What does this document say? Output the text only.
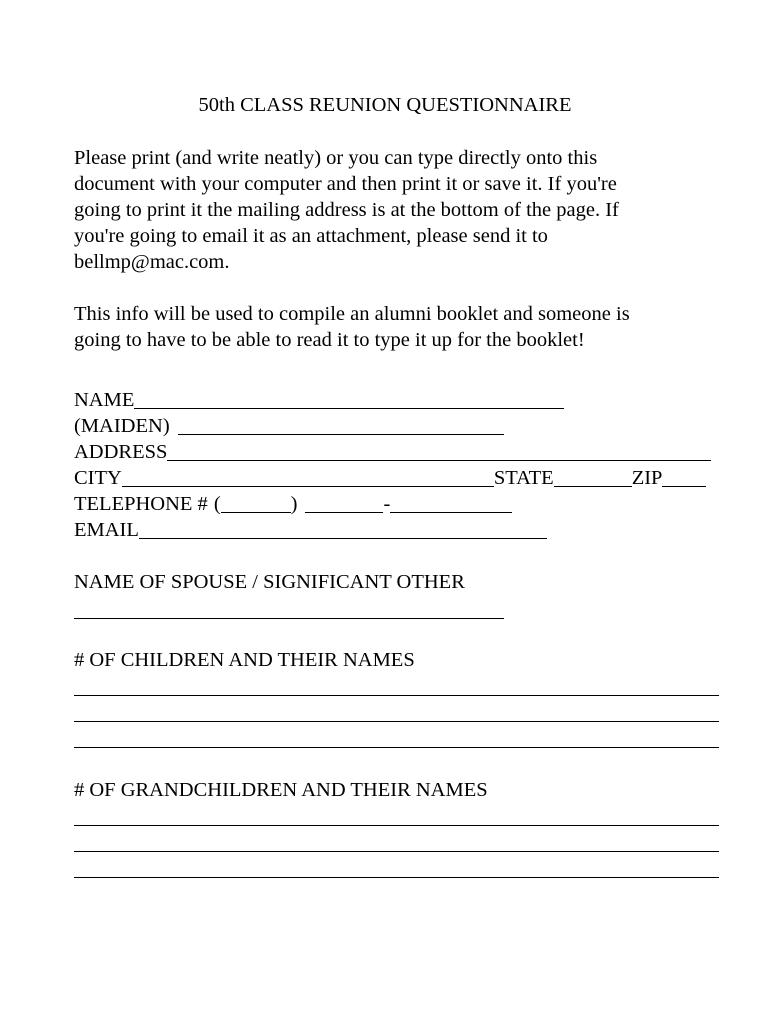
50th CLASS REUNION QUESTIONNAIRE
Please print (and write neatly) or you can type directly onto this
document with your computer and then print it or save it. If you're
going to print it the mailing address is at the bottom of the page. If
you're going to email it as an attachment, please send it to
bellmp@mac.com.
This info will be used to compile an alumni booklet and someone is
going to have to be able to read it to type it up for the booklet!
NAME
(MAIDEN)
ADDRESS
CITY	STATE	ZIP
TELEPHONE # (	)	-
EMAIL
NAME OF SPOUSE / SIGNIFICANT OTHER
# OF CHILDREN AND THEIR NAMES
# OF GRANDCHILDREN AND THEIR NAMES
